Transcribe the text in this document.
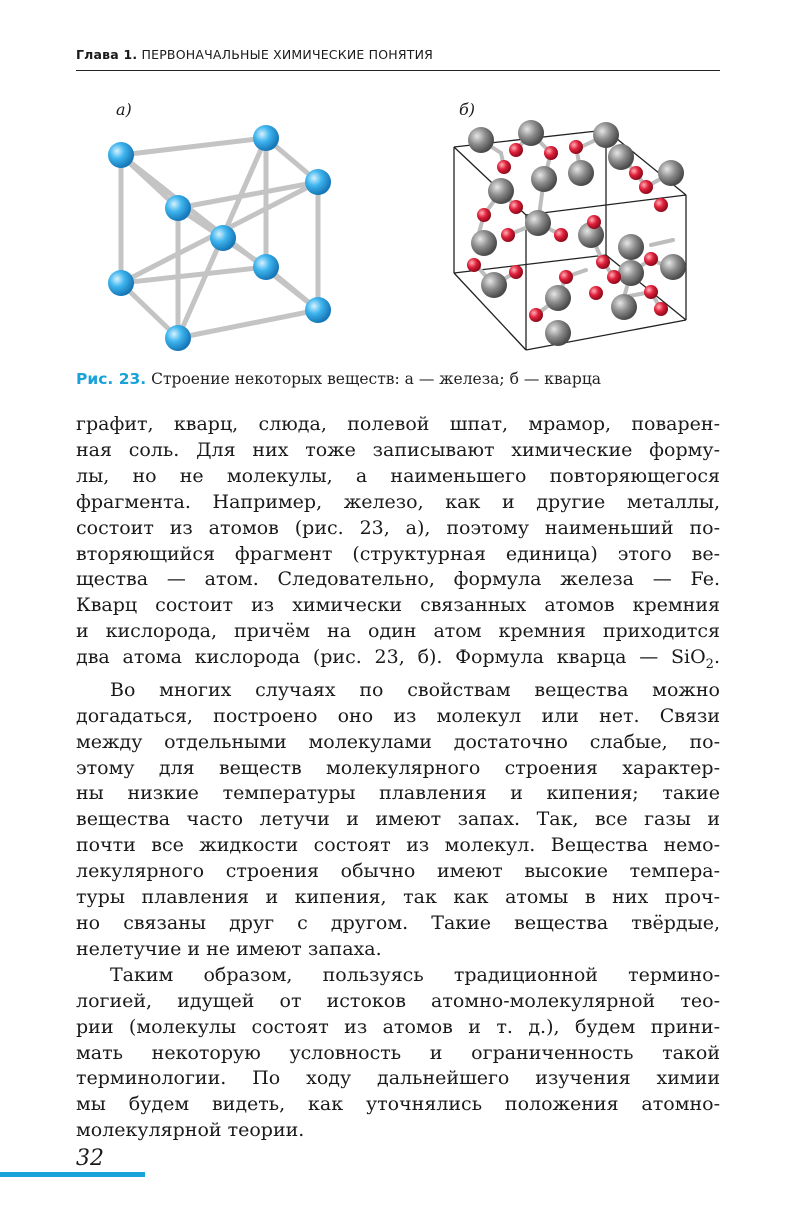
Глава 1. ПЕРВОНАЧАЛЬНЫЕ ХИМИЧЕСКИЕ ПОНЯТИЯ
а)	б)
Рис. 23. Строение некоторых веществ: а — железа; б — кварца

графит, кварц, слюда, полевой шпат, мрамор, поварен-

ная соль. Для них тоже записывают химические форму-

лы, но не молекулы, а наименьшего повторяющегося

фрагмента. Например, железо, как и другие металлы,

состоит из атомов (рис. 23, а), поэтому наименьший по-

вторяющийся фрагмент (структурная единица) этого ве-

щества — атом. Следовательно, формула железа — Fe.

Кварц состоит из химически связанных атомов кремния

и кислорода, причём на один атом кремния приходится

два атома кислорода (рис. 23, б). Формула кварца — SiO$_2$.

Во многих случаях по свойствам вещества можно

догадаться, построено оно из молекул или нет. Связи

между отдельными молекулами достаточно слабые, по-

этому для веществ молекулярного строения характер-

ны низкие температуры плавления и кипения; такие

вещества часто летучи и имеют запах. Так, все газы и

почти все жидкости состоят из молекул. Вещества немо-

лекулярного строения обычно имеют высокие темпера-

туры плавления и кипения, так как атомы в них проч-

но связаны друг с другом. Такие вещества твёрдые,

нелетучие и не имеют запаха.

Таким образом, пользуясь традиционной термино-

логией, идущей от истоков атомно-молекулярной тео-

рии (молекулы состоят из атомов и т. д.), будем прини-

мать некоторую условность и ограниченность такой

терминологии. По ходу дальнейшего изучения химии

мы будем видеть, как уточнялись положения атомно-

молекулярной теории.

32
